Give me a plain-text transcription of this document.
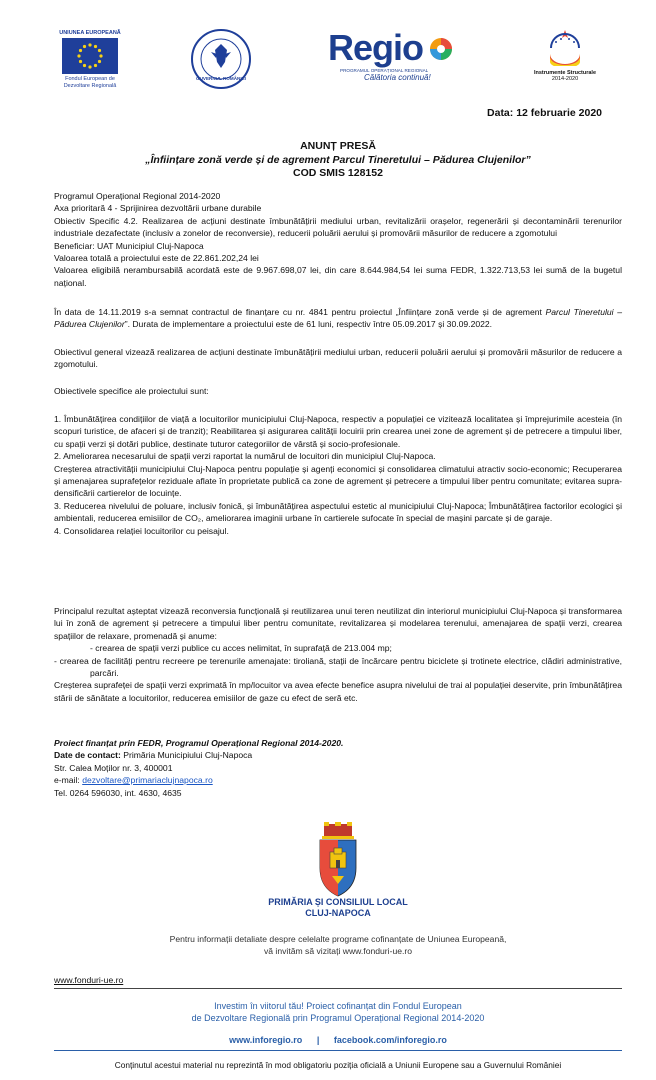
UNIUNEA EUROPEANĂ
Fondul European de Dezvoltare Regională
GUVERNUL ROMÂNIEI
Regio
PROGRAMUL OPERAȚIONAL REGIONAL
Călătoria continuă!	Instrumente Structurale
2014-2020
Data: 12 februarie 2020
ANUNȚ PRESĂ
„Înființare zonă verde și de agrement Parcul Tineretului – Pădurea Clujenilor”
COD SMIS 128152

Programul Operațional Regional 2014-2020

Axa prioritară 4 - Sprijinirea dezvoltării urbane durabile

Obiectiv Specific 4.2. Realizarea de acțiuni destinate îmbunătățirii mediului urban, revitalizării orașelor, regenerării și decontaminării terenurilor industriale dezafectate (inclusiv a zonelor de reconversie), reducerii poluării aerului și promovării măsurilor de reducere a zgomotului

Beneficiar: UAT Municipiul Cluj-Napoca

Valoarea totală a proiectului este de 22.861.202,24 lei

Valoarea eligibilă nerambursabilă acordată este de 9.967.698,07 lei, din care 8.644.984,54 lei suma FEDR, 1.322.713,53 lei sumă de la bugetul național.

În data de 14.11.2019 s-a semnat contractul de finanțare cu nr. 4841 pentru proiectul „Înființare zonă verde și de agrement Parcul Tineretului – Pădurea Clujenilor”. Durata de implementare a proiectului este de 61 luni, respectiv între 05.09.2017 și 30.09.2022.

Obiectivul general vizează realizarea de acțiuni destinate îmbunătățirii mediului urban, reducerii poluării aerului și promovării măsurilor de reducere a zgomotului.

Obiectivele specifice ale proiectului sunt:

1. Îmbunătățirea condițiilor de viață a locuitorilor municipiului Cluj-Napoca, respectiv a populației ce vizitează localitatea și împrejurimile acesteia (în scopuri turistice, de afaceri și de tranzit); Reabilitarea și asigurarea calității locuirii prin crearea unei zone de agrement și de petrecere a timpului liber, cu spații verzi și dotări publice, destinate tuturor categoriilor de vârstă și socio-profesionale.

2. Ameliorarea necesarului de spații verzi raportat la numărul de locuitori din municipiul Cluj-Napoca.

Creșterea atractivității municipiului Cluj-Napoca pentru populație și agenți economici și consolidarea climatului atractiv socio-economic; Recuperarea și amenajarea suprafețelor reziduale aflate în proprietate publică ca zone de agrement și petrecere a timpului liber pentru comunitate; evitarea supra-densificării cartierelor de locuințe.

3. Reducerea nivelului de poluare, inclusiv fonică, și îmbunătățirea aspectului estetic al municipiului Cluj-Napoca; Îmbunătățirea factorilor ecologici și ambientali, reducerea emisiilor de CO₂, ameliorarea imaginii urbane în cartierele sufocate în special de mașini parcate și de garaje.

4. Consolidarea relației locuitorilor cu peisajul.

Principalul rezultat așteptat vizează reconversia funcțională și reutilizarea unui teren neutilizat din interiorul municipiului Cluj-Napoca și transformarea lui în zonă de agrement și petrecere a timpului liber pentru comunitate, revitalizarea și modelarea terenului, amenajarea de spații verzi, crearea spațiilor de relaxare, promenadă și anume:

- crearea de spații verzi publice cu acces nelimitat, în suprafață de 213.004 mp;

- crearea de facilități pentru recreere pe terenurile amenajate: tiroliană, stații de încărcare pentru biciclete și trotinete electrice, clădiri administrative, parcări.

Creșterea suprafeței de spații verzi exprimată în mp/locuitor va avea efecte benefice asupra nivelului de trai al populației deservite, prin îmbunătățirea stării de sănătate a locuitorilor, reducerea emisiilor de gaze cu efect de seră etc.

Proiect finanțat prin FEDR, Programul Operațional Regional 2014-2020.

Date de contact: Primăria Municipiului Cluj-Napoca

Str. Calea Moților nr. 3, 400001

e-mail: dezvoltare@primariaclujnapoca.ro

Tel. 0264 596030, int. 4630, 4635

PRIMĂRIA ȘI CONSILIUL LOCAL
CLUJ-NAPOCA
Pentru informații detaliate despre celelalte programe cofinanțate de Uniunea Europeană,
vă invităm să vizitați www.fonduri-ue.ro
www.fonduri-ue.ro
Investim în viitorul tău! Proiect cofinanțat din Fondul European
de Dezvoltare Regională prin Programul Operațional Regional 2014-2020
www.inforegio.ro | facebook.com/inforegio.ro
Conținutul acestui material nu reprezintă în mod obligatoriu poziția oficială a Uniunii Europene sau a Guvernului României
